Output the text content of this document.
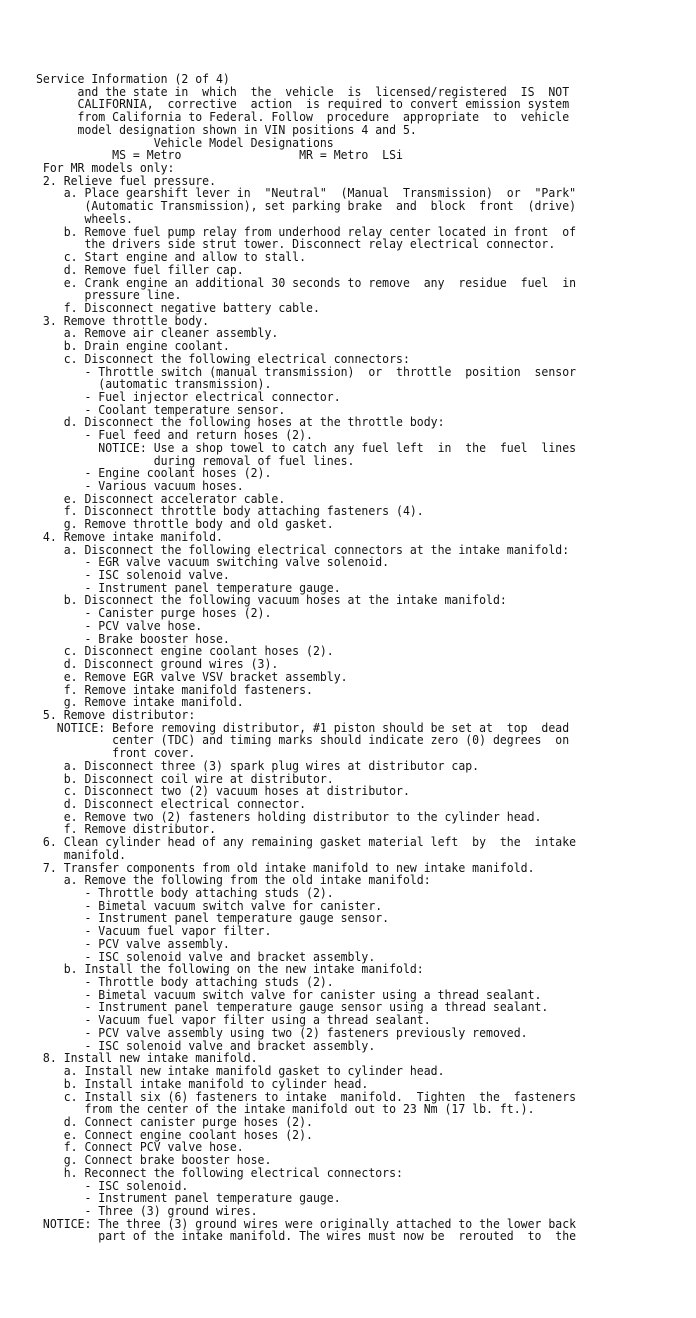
Service Information (2 of 4)
and the state in  which  the  vehicle  is  licensed/registered  IS  NOT
CALIFORNIA,  corrective  action  is required to convert emission system
from California to Federal. Follow  procedure  appropriate  to  vehicle
model designation shown in VIN positions 4 and 5.
Vehicle Model Designations
MS = Metro                 MR = Metro  LSi
For MR models only:
2. Relieve fuel pressure.
a. Place gearshift lever in  "Neutral"  (Manual  Transmission)  or  "Park"
(Automatic Transmission), set parking brake  and  block  front  (drive)
wheels.
b. Remove fuel pump relay from underhood relay center located in front  of
the drivers side strut tower. Disconnect relay electrical connector.
c. Start engine and allow to stall.
d. Remove fuel filler cap.
e. Crank engine an additional 30 seconds to remove  any  residue  fuel  in
pressure line.
f. Disconnect negative battery cable.
3. Remove throttle body.
a. Remove air cleaner assembly.
b. Drain engine coolant.
c. Disconnect the following electrical connectors:
- Throttle switch (manual transmission)  or  throttle  position  sensor
(automatic transmission).
- Fuel injector electrical connector.
- Coolant temperature sensor.
d. Disconnect the following hoses at the throttle body:
- Fuel feed and return hoses (2).
NOTICE: Use a shop towel to catch any fuel left  in  the  fuel  lines
during removal of fuel lines.
- Engine coolant hoses (2).
- Various vacuum hoses.
e. Disconnect accelerator cable.
f. Disconnect throttle body attaching fasteners (4).
g. Remove throttle body and old gasket.
4. Remove intake manifold.
a. Disconnect the following electrical connectors at the intake manifold:
- EGR valve vacuum switching valve solenoid.
- ISC solenoid valve.
- Instrument panel temperature gauge.
b. Disconnect the following vacuum hoses at the intake manifold:
- Canister purge hoses (2).
- PCV valve hose.
- Brake booster hose.
c. Disconnect engine coolant hoses (2).
d. Disconnect ground wires (3).
e. Remove EGR valve VSV bracket assembly.
f. Remove intake manifold fasteners.
g. Remove intake manifold.
5. Remove distributor:
NOTICE: Before removing distributor, #1 piston should be set at  top  dead
center (TDC) and timing marks should indicate zero (0) degrees  on
front cover.
a. Disconnect three (3) spark plug wires at distributor cap.
b. Disconnect coil wire at distributor.
c. Disconnect two (2) vacuum hoses at distributor.
d. Disconnect electrical connector.
e. Remove two (2) fasteners holding distributor to the cylinder head.
f. Remove distributor.
6. Clean cylinder head of any remaining gasket material left  by  the  intake
manifold.
7. Transfer components from old intake manifold to new intake manifold.
a. Remove the following from the old intake manifold:
- Throttle body attaching studs (2).
- Bimetal vacuum switch valve for canister.
- Instrument panel temperature gauge sensor.
- Vacuum fuel vapor filter.
- PCV valve assembly.
- ISC solenoid valve and bracket assembly.
b. Install the following on the new intake manifold:
- Throttle body attaching studs (2).
- Bimetal vacuum switch valve for canister using a thread sealant.
- Instrument panel temperature gauge sensor using a thread sealant.
- Vacuum fuel vapor filter using a thread sealant.
- PCV valve assembly using two (2) fasteners previously removed.
- ISC solenoid valve and bracket assembly.
8. Install new intake manifold.
a. Install new intake manifold gasket to cylinder head.
b. Install intake manifold to cylinder head.
c. Install six (6) fasteners to intake  manifold.  Tighten  the  fasteners
from the center of the intake manifold out to 23 Nm (17 lb. ft.).
d. Connect canister purge hoses (2).
e. Connect engine coolant hoses (2).
f. Connect PCV valve hose.
g. Connect brake booster hose.
h. Reconnect the following electrical connectors:
- ISC solenoid.
- Instrument panel temperature gauge.
- Three (3) ground wires.
NOTICE: The three (3) ground wires were originally attached to the lower back
part of the intake manifold. The wires must now be  rerouted  to  the
